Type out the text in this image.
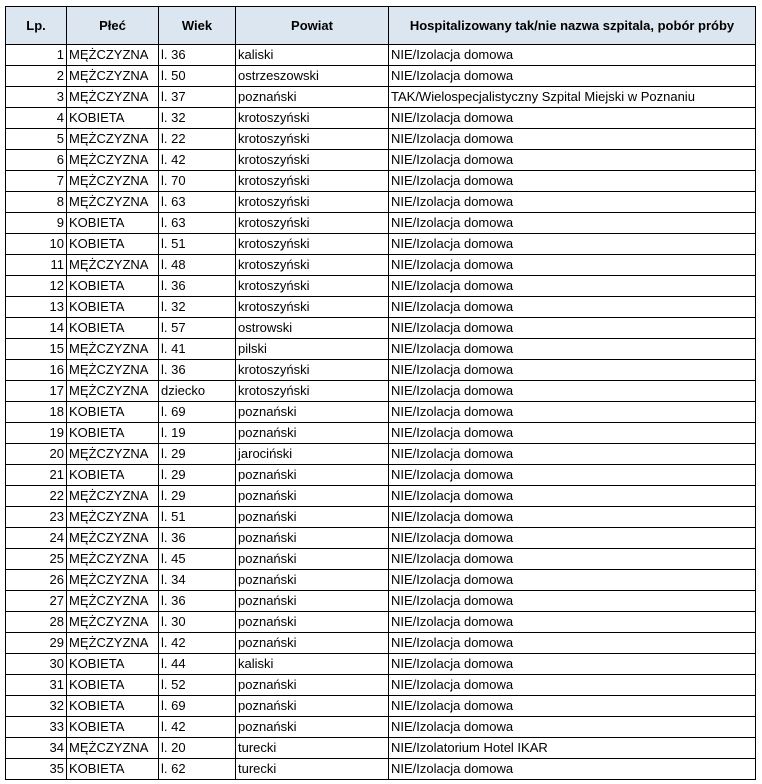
Lp.	Płeć	Wiek	Powiat	Hospitalizowany tak/nie nazwa szpitala, pobór próby
1	MĘŻCZYZNA	l. 36	kaliski	NIE/Izolacja domowa
2	MĘŻCZYZNA	l. 50	ostrzeszowski	NIE/Izolacja domowa
3	MĘŻCZYZNA	l. 37	poznański	TAK/Wielospecjalistyczny Szpital Miejski w Poznaniu
4	KOBIETA	l. 32	krotoszyński	NIE/Izolacja domowa
5	MĘŻCZYZNA	l. 22	krotoszyński	NIE/Izolacja domowa
6	MĘŻCZYZNA	l. 42	krotoszyński	NIE/Izolacja domowa
7	MĘŻCZYZNA	l. 70	krotoszyński	NIE/Izolacja domowa
8	MĘŻCZYZNA	l. 63	krotoszyński	NIE/Izolacja domowa
9	KOBIETA	l. 63	krotoszyński	NIE/Izolacja domowa
10	KOBIETA	l. 51	krotoszyński	NIE/Izolacja domowa
11	MĘŻCZYZNA	l. 48	krotoszyński	NIE/Izolacja domowa
12	KOBIETA	l. 36	krotoszyński	NIE/Izolacja domowa
13	KOBIETA	l. 32	krotoszyński	NIE/Izolacja domowa
14	KOBIETA	l. 57	ostrowski	NIE/Izolacja domowa
15	MĘŻCZYZNA	l. 41	pilski	NIE/Izolacja domowa
16	MĘŻCZYZNA	l. 36	krotoszyński	NIE/Izolacja domowa
17	MĘŻCZYZNA	dziecko	krotoszyński	NIE/Izolacja domowa
18	KOBIETA	l. 69	poznański	NIE/Izolacja domowa
19	KOBIETA	l. 19	poznański	NIE/Izolacja domowa
20	MĘŻCZYZNA	l. 29	jarociński	NIE/Izolacja domowa
21	KOBIETA	l. 29	poznański	NIE/Izolacja domowa
22	MĘŻCZYZNA	l. 29	poznański	NIE/Izolacja domowa
23	MĘŻCZYZNA	l. 51	poznański	NIE/Izolacja domowa
24	MĘŻCZYZNA	l. 36	poznański	NIE/Izolacja domowa
25	MĘŻCZYZNA	l. 45	poznański	NIE/Izolacja domowa
26	MĘŻCZYZNA	l. 34	poznański	NIE/Izolacja domowa
27	MĘŻCZYZNA	l. 36	poznański	NIE/Izolacja domowa
28	MĘŻCZYZNA	l. 30	poznański	NIE/Izolacja domowa
29	MĘŻCZYZNA	l. 42	poznański	NIE/Izolacja domowa
30	KOBIETA	l. 44	kaliski	NIE/Izolacja domowa
31	KOBIETA	l. 52	poznański	NIE/Izolacja domowa
32	KOBIETA	l. 69	poznański	NIE/Izolacja domowa
33	KOBIETA	l. 42	poznański	NIE/Izolacja domowa
34	MĘŻCZYZNA	l. 20	turecki	NIE/Izolatorium Hotel IKAR
35	KOBIETA	l. 62	turecki	NIE/Izolacja domowa
